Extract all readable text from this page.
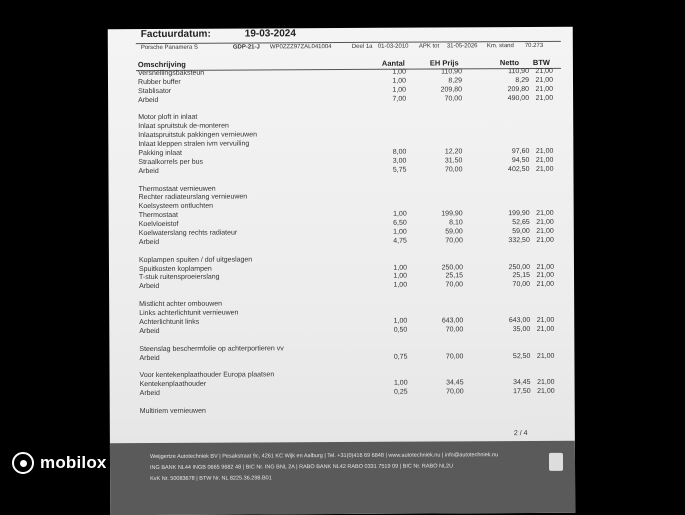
Factuurdatum:	19-03-2024
Porsche Panamera S	GDP-21-J WP0ZZZ97ZAL041004	Deel 1a 01-03-2010 APK tot 31-05-2026 Km. stand 70.273
Omschrijving	Aantal	EH Prijs	Netto BTW
Versnellingsbaksteun	1,00	110,90	110,90 21,00
Rubber buffer	1,00	8,29	8,29 21,00
Stablisator	1,00	209,80	209,80 21,00
Arbeid	7,00	70,00	490,00 21,00
Motor ploft in inlaat
Inlaat spruitstuk de-monteren
Inlaatspruitstuk pakkingen vernieuwen
Inlaat kleppen stralen ivm vervuiling
Pakking inlaat	8,00	12,20	97,60 21,00
Straalkorrels per bus	3,00	31,50	94,50 21,00
Arbeid	5,75	70,00	402,50 21,00
Thermostaat vernieuwen
Rechter radiateurslang vernieuwen
Koelsysteem ontluchten
Thermostaat	1,00	199,90	199,90 21,00
Koelvloeistof	6,50	8,10	52,65 21,00
Koelwaterslang rechts radiateur	1,00	59,00	59,00 21,00
Arbeid	4,75	70,00	332,50 21,00
Koplampen spuiten / dof uitgeslagen
Spuitkosten koplampen	1,00	250,00	250,00 21,00
T-stuk ruitensproeierslang	1,00	25,15	25,15 21,00
Arbeid	1,00	70,00	70,00 21,00
Mistlicht achter ombouwen
Links achterlichtunit vernieuwen
Achterlichtunit links	1,00	643,00	643,00 21,00
Arbeid	0,50	70,00	35,00 21,00
Steenslag beschermfolie op achterportieren vv
Arbeid	0,75	70,00	52,50 21,00
Voor kentekenplaathouder Europa plaatsen
Kentekenplaathouder	1,00	34,45	34,45 21,00
Arbeid	0,25	70,00	17,50 21,00
Multiriem vernieuwen
2 / 4
Weijgertze Autotechniek BV | Pesakstraat 9c, 4261 KC Wijk en Aalburg | Tel. +31(0)416 69 6848 | www.autotechniek.nu | info@autotechniek.nu
ING BANK NL44 INGB 0665 9682 48 | BIC Nr. ING BNL 2A | RABO BANK NL42 RABO 0331 7519 09 | BIC Nr. RABO NL2U
KvK Nr. 50083678 | BTW Nr. NL 8225.36.298.B01
mobilox
